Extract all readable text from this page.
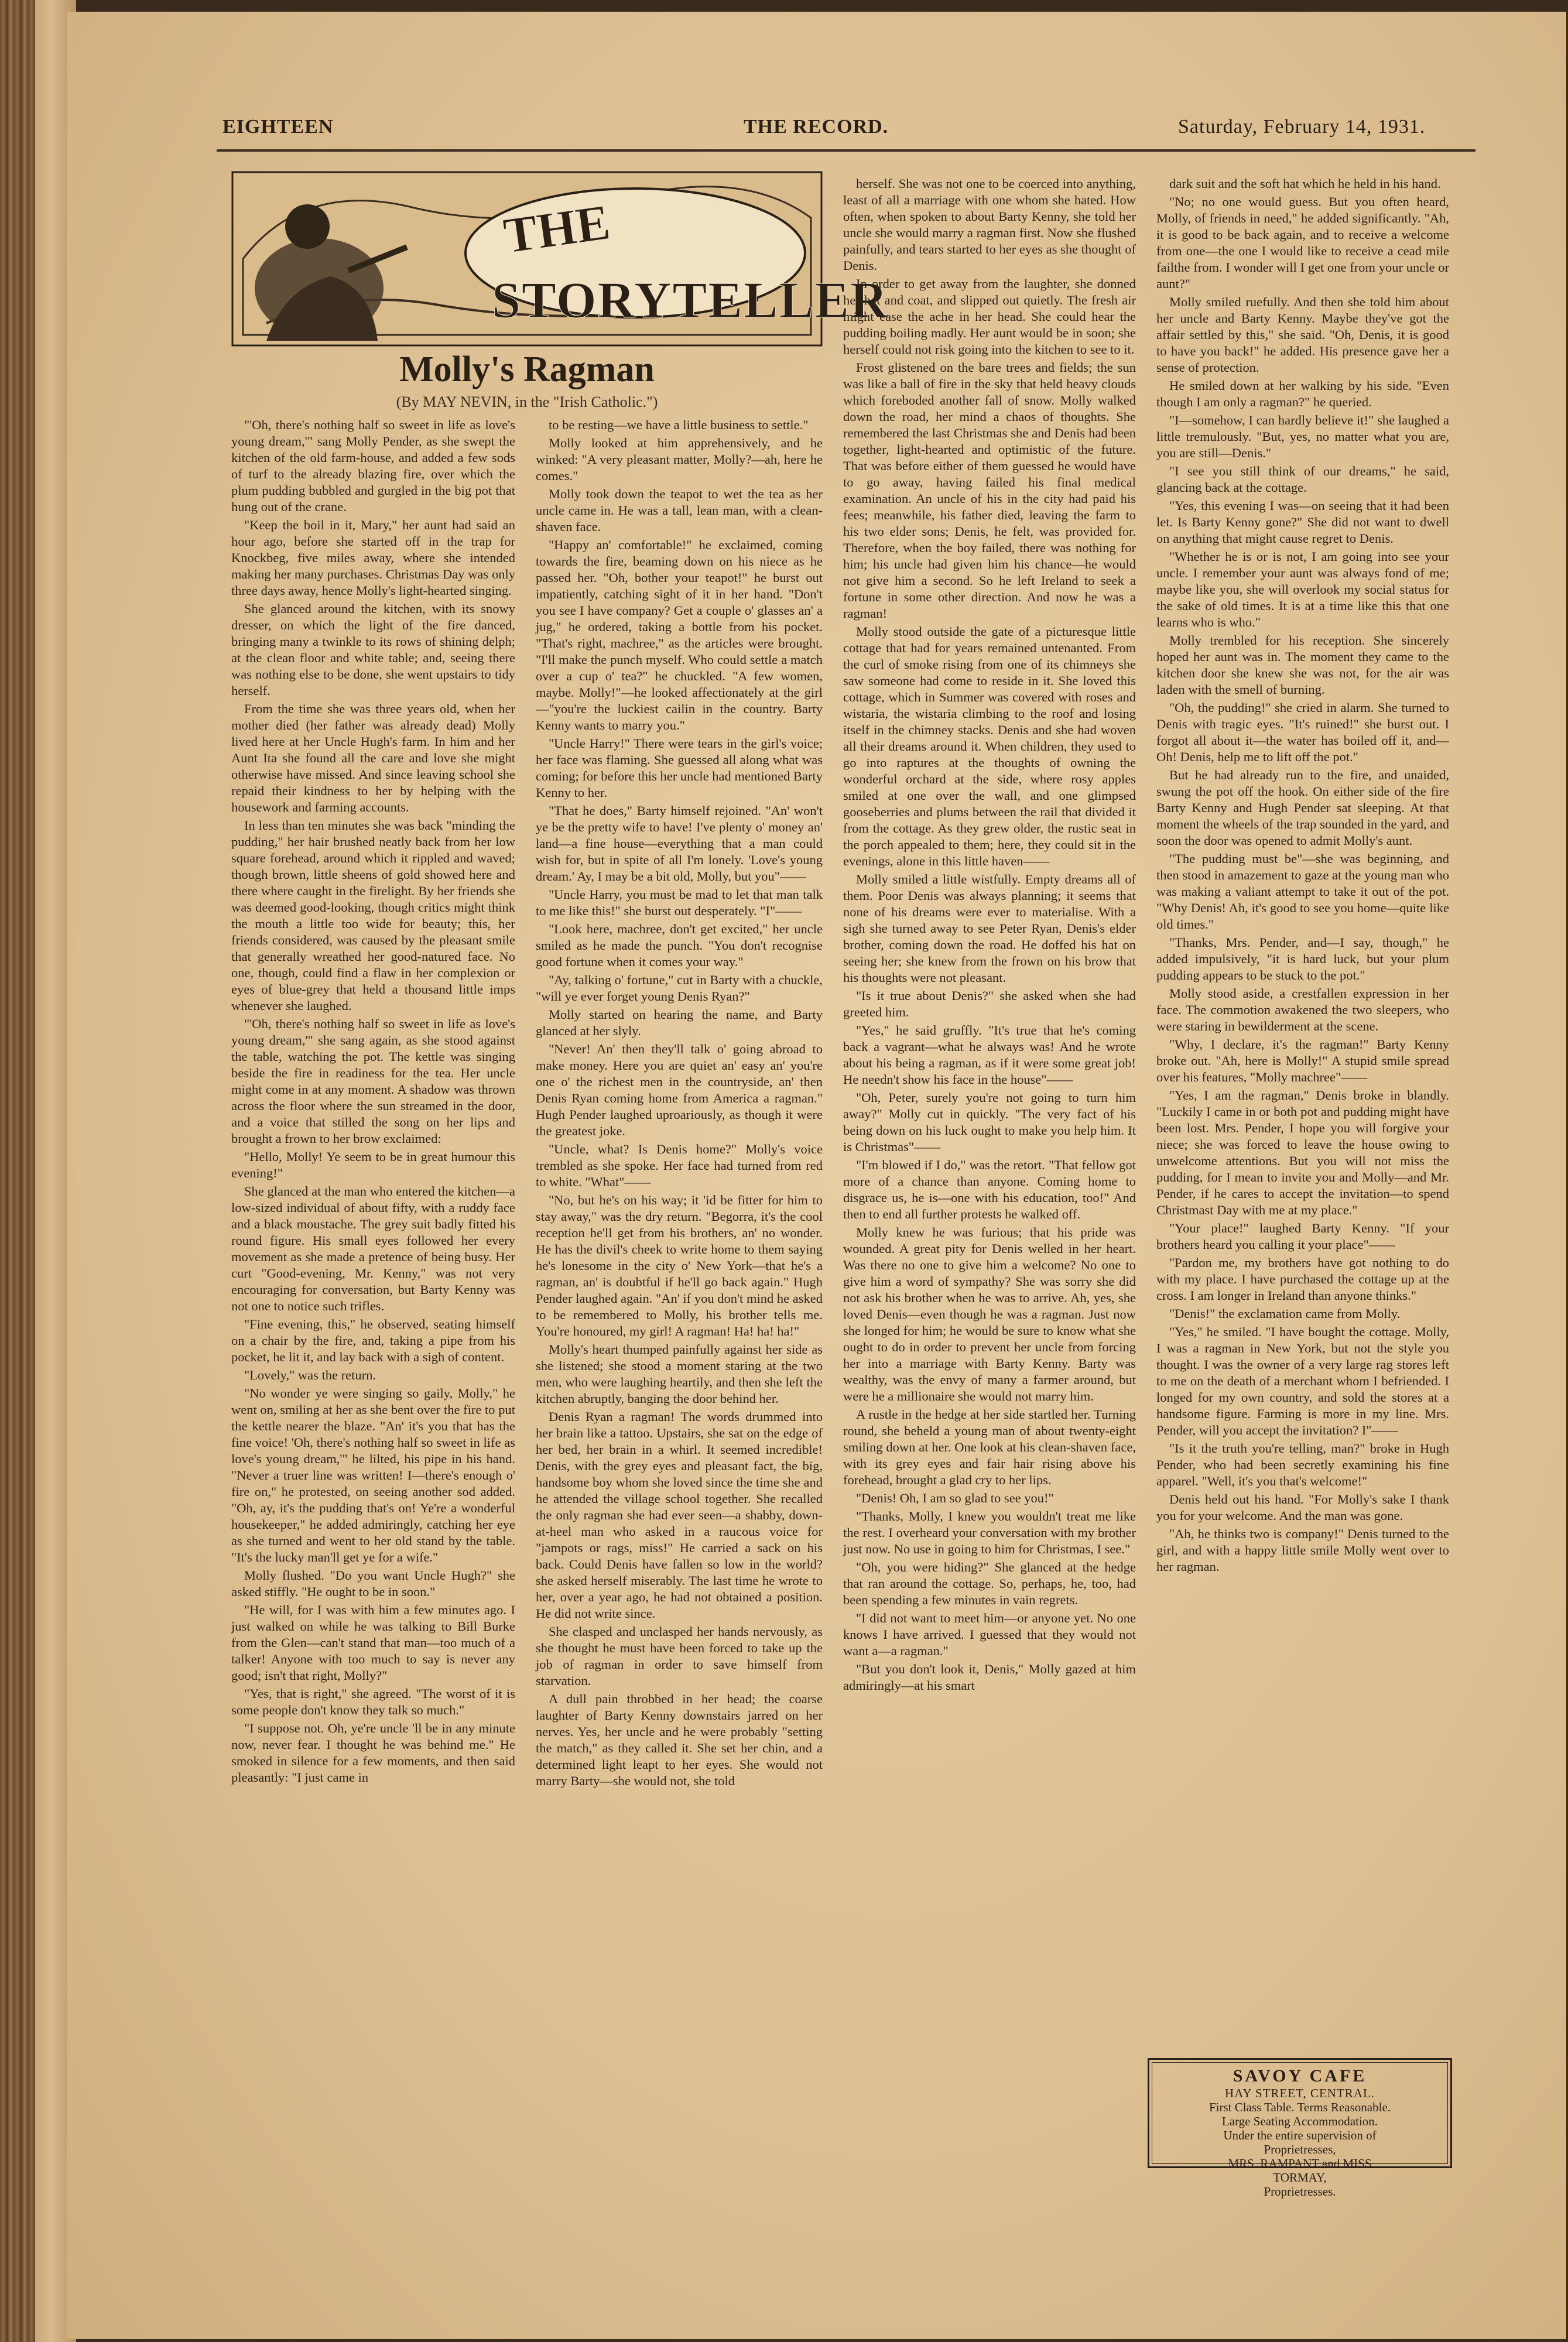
EIGHTEEN	THE RECORD.	Saturday, February 14, 1931.
THE
STORYTELLER
Molly's Ragman

(By MAY NEVIN, in the "Irish Catholic.")

"'Oh, there's nothing half so sweet in life as love's young dream,'" sang Molly Pender, as she swept the kitchen of the old farm-house, and added a few sods of turf to the already blazing fire, over which the plum pudding bubbled and gurgled in the big pot that hung out of the crane.

"Keep the boil in it, Mary," her aunt had said an hour ago, before she started off in the trap for Knockbeg, five miles away, where she intended making her many purchases. Christmas Day was only three days away, hence Molly's light-hearted singing.

She glanced around the kitchen, with its snowy dresser, on which the light of the fire danced, bringing many a twinkle to its rows of shining delph; at the clean floor and white table; and, seeing there was nothing else to be done, she went upstairs to tidy herself.

From the time she was three years old, when her mother died (her father was already dead) Molly lived here at her Uncle Hugh's farm. In him and her Aunt Ita she found all the care and love she might otherwise have missed. And since leaving school she repaid their kindness to her by helping with the housework and farming accounts.

In less than ten minutes she was back "minding the pudding," her hair brushed neatly back from her low square forehead, around which it rippled and waved; though brown, little sheens of gold showed here and there where caught in the firelight. By her friends she was deemed good-looking, though critics might think the mouth a little too wide for beauty; this, her friends considered, was caused by the pleasant smile that generally wreathed her good-natured face. No one, though, could find a flaw in her complexion or eyes of blue-grey that held a thousand little imps whenever she laughed.

"'Oh, there's nothing half so sweet in life as love's young dream,'" she sang again, as she stood against the table, watching the pot. The kettle was singing beside the fire in readiness for the tea. Her uncle might come in at any moment. A shadow was thrown across the floor where the sun streamed in the door, and a voice that stilled the song on her lips and brought a frown to her brow exclaimed:

"Hello, Molly! Ye seem to be in great humour this evening!"

She glanced at the man who entered the kitchen—a low-sized individual of about fifty, with a ruddy face and a black moustache. The grey suit badly fitted his round figure. His small eyes followed her every movement as she made a pretence of being busy. Her curt "Good-evening, Mr. Kenny," was not very encouraging for conversation, but Barty Kenny was not one to notice such trifles.

"Fine evening, this," he observed, seating himself on a chair by the fire, and, taking a pipe from his pocket, he lit it, and lay back with a sigh of content.

"Lovely," was the return.

"No wonder ye were singing so gaily, Molly," he went on, smiling at her as she bent over the fire to put the kettle nearer the blaze. "An' it's you that has the fine voice! 'Oh, there's nothing half so sweet in life as love's young dream,'" he lilted, his pipe in his hand. "Never a truer line was written! I—there's enough o' fire on," he protested, on seeing another sod added. "Oh, ay, it's the pudding that's on! Ye're a wonderful housekeeper," he added admiringly, catching her eye as she turned and went to her old stand by the table. "It's the lucky man'll get ye for a wife."

Molly flushed. "Do you want Uncle Hugh?" she asked stiffly. "He ought to be in soon."

"He will, for I was with him a few minutes ago. I just walked on while he was talking to Bill Burke from the Glen—can't stand that man—too much of a talker! Anyone with too much to say is never any good; isn't that right, Molly?"

"Yes, that is right," she agreed. "The worst of it is some people don't know they talk so much."

"I suppose not. Oh, ye're uncle 'll be in any minute now, never fear. I thought he was behind me." He smoked in silence for a few moments, and then said pleasantly: "I just came in

to be resting—we have a little business to settle."

Molly looked at him apprehensively, and he winked: "A very pleasant matter, Molly?—ah, here he comes."

Molly took down the teapot to wet the tea as her uncle came in. He was a tall, lean man, with a clean-shaven face.

"Happy an' comfortable!" he exclaimed, coming towards the fire, beaming down on his niece as he passed her. "Oh, bother your teapot!" he burst out impatiently, catching sight of it in her hand. "Don't you see I have company? Get a couple o' glasses an' a jug," he ordered, taking a bottle from his pocket. "That's right, machree," as the articles were brought. "I'll make the punch myself. Who could settle a match over a cup o' tea?" he chuckled. "A few women, maybe. Molly!"—he looked affectionately at the girl—"you're the luckiest cailin in the country. Barty Kenny wants to marry you."

"Uncle Harry!" There were tears in the girl's voice; her face was flaming. She guessed all along what was coming; for before this her uncle had mentioned Barty Kenny to her.

"That he does," Barty himself rejoined. "An' won't ye be the pretty wife to have! I've plenty o' money an' land—a fine house—everything that a man could wish for, but in spite of all I'm lonely. 'Love's young dream.' Ay, I may be a bit old, Molly, but you"——

"Uncle Harry, you must be mad to let that man talk to me like this!" she burst out desperately. "I"——

"Look here, machree, don't get excited," her uncle smiled as he made the punch. "You don't recognise good fortune when it comes your way."

"Ay, talking o' fortune," cut in Barty with a chuckle, "will ye ever forget young Denis Ryan?"

Molly started on hearing the name, and Barty glanced at her slyly.

"Never! An' then they'll talk o' going abroad to make money. Here you are quiet an' easy an' you're one o' the richest men in the countryside, an' then Denis Ryan coming home from America a ragman." Hugh Pender laughed uproariously, as though it were the greatest joke.

"Uncle, what? Is Denis home?" Molly's voice trembled as she spoke. Her face had turned from red to white. "What"——

"No, but he's on his way; it 'id be fitter for him to stay away," was the dry return. "Begorra, it's the cool reception he'll get from his brothers, an' no wonder. He has the divil's cheek to write home to them saying he's lonesome in the city o' New York—that he's a ragman, an' is doubtful if he'll go back again." Hugh Pender laughed again. "An' if you don't mind he asked to be remembered to Molly, his brother tells me. You're honoured, my girl! A ragman! Ha! ha! ha!"

Molly's heart thumped painfully against her side as she listened; she stood a moment staring at the two men, who were laughing heartily, and then she left the kitchen abruptly, banging the door behind her.

Denis Ryan a ragman! The words drummed into her brain like a tattoo. Upstairs, she sat on the edge of her bed, her brain in a whirl. It seemed incredible! Denis, with the grey eyes and pleasant fact, the big, handsome boy whom she loved since the time she and he attended the village school together. She recalled the only ragman she had ever seen—a shabby, down-at-heel man who asked in a raucous voice for "jampots or rags, miss!" He carried a sack on his back. Could Denis have fallen so low in the world? she asked herself miserably. The last time he wrote to her, over a year ago, he had not obtained a position. He did not write since.

She clasped and unclasped her hands nervously, as she thought he must have been forced to take up the job of ragman in order to save himself from starvation.

A dull pain throbbed in her head; the coarse laughter of Barty Kenny downstairs jarred on her nerves. Yes, her uncle and he were probably "setting the match," as they called it. She set her chin, and a determined light leapt to her eyes. She would not marry Barty—she would not, she told

herself. She was not one to be coerced into anything, least of all a marriage with one whom she hated. How often, when spoken to about Barty Kenny, she told her uncle she would marry a ragman first. Now she flushed painfully, and tears started to her eyes as she thought of Denis.

In order to get away from the laughter, she donned her hat and coat, and slipped out quietly. The fresh air might ease the ache in her head. She could hear the pudding boiling madly. Her aunt would be in soon; she herself could not risk going into the kitchen to see to it.

Frost glistened on the bare trees and fields; the sun was like a ball of fire in the sky that held heavy clouds which foreboded another fall of snow. Molly walked down the road, her mind a chaos of thoughts. She remembered the last Christmas she and Denis had been together, light-hearted and optimistic of the future. That was before either of them guessed he would have to go away, having failed his final medical examination. An uncle of his in the city had paid his fees; meanwhile, his father died, leaving the farm to his two elder sons; Denis, he felt, was provided for. Therefore, when the boy failed, there was nothing for him; his uncle had given him his chance—he would not give him a second. So he left Ireland to seek a fortune in some other direction. And now he was a ragman!

Molly stood outside the gate of a picturesque little cottage that had for years remained untenanted. From the curl of smoke rising from one of its chimneys she saw someone had come to reside in it. She loved this cottage, which in Summer was covered with roses and wistaria, the wistaria climbing to the roof and losing itself in the chimney stacks. Denis and she had woven all their dreams around it. When children, they used to go into raptures at the thoughts of owning the wonderful orchard at the side, where rosy apples smiled at one over the wall, and one glimpsed gooseberries and plums between the rail that divided it from the cottage. As they grew older, the rustic seat in the porch appealed to them; here, they could sit in the evenings, alone in this little haven——

Molly smiled a little wistfully. Empty dreams all of them. Poor Denis was always planning; it seems that none of his dreams were ever to materialise. With a sigh she turned away to see Peter Ryan, Denis's elder brother, coming down the road. He doffed his hat on seeing her; she knew from the frown on his brow that his thoughts were not pleasant.

"Is it true about Denis?" she asked when she had greeted him.

"Yes," he said gruffly. "It's true that he's coming back a vagrant—what he always was! And he wrote about his being a ragman, as if it were some great job! He needn't show his face in the house"——

"Oh, Peter, surely you're not going to turn him away?" Molly cut in quickly. "The very fact of his being down on his luck ought to make you help him. It is Christmas"——

"I'm blowed if I do," was the retort. "That fellow got more of a chance than anyone. Coming home to disgrace us, he is—one with his education, too!" And then to end all further protests he walked off.

Molly knew he was furious; that his pride was wounded. A great pity for Denis welled in her heart. Was there no one to give him a welcome? No one to give him a word of sympathy? She was sorry she did not ask his brother when he was to arrive. Ah, yes, she loved Denis—even though he was a ragman. Just now she longed for him; he would be sure to know what she ought to do in order to prevent her uncle from forcing her into a marriage with Barty Kenny. Barty was wealthy, was the envy of many a farmer around, but were he a millionaire she would not marry him.

A rustle in the hedge at her side startled her. Turning round, she beheld a young man of about twenty-eight smiling down at her. One look at his clean-shaven face, with its grey eyes and fair hair rising above his forehead, brought a glad cry to her lips.

"Denis! Oh, I am so glad to see you!"

"Thanks, Molly, I knew you wouldn't treat me like the rest. I overheard your conversation with my brother just now. No use in going to him for Christmas, I see."

"Oh, you were hiding?" She glanced at the hedge that ran around the cottage. So, perhaps, he, too, had been spending a few minutes in vain regrets.

"I did not want to meet him—or anyone yet. No one knows I have arrived. I guessed that they would not want a—a ragman."

"But you don't look it, Denis," Molly gazed at him admiringly—at his smart

dark suit and the soft hat which he held in his hand.

"No; no one would guess. But you often heard, Molly, of friends in need," he added significantly. "Ah, it is good to be back again, and to receive a welcome from one—the one I would like to receive a cead mile failthe from. I wonder will I get one from your uncle or aunt?"

Molly smiled ruefully. And then she told him about her uncle and Barty Kenny. Maybe they've got the affair settled by this," she said. "Oh, Denis, it is good to have you back!" he added. His presence gave her a sense of protection.

He smiled down at her walking by his side. "Even though I am only a ragman?" he queried.

"I—somehow, I can hardly believe it!" she laughed a little tremulously. "But, yes, no matter what you are, you are still—Denis."

"I see you still think of our dreams," he said, glancing back at the cottage.

"Yes, this evening I was—on seeing that it had been let. Is Barty Kenny gone?" She did not want to dwell on anything that might cause regret to Denis.

"Whether he is or is not, I am going into see your uncle. I remember your aunt was always fond of me; maybe like you, she will overlook my social status for the sake of old times. It is at a time like this that one learns who is who."

Molly trembled for his reception. She sincerely hoped her aunt was in. The moment they came to the kitchen door she knew she was not, for the air was laden with the smell of burning.

"Oh, the pudding!" she cried in alarm. She turned to Denis with tragic eyes. "It's ruined!" she burst out. I forgot all about it—the water has boiled off it, and—Oh! Denis, help me to lift off the pot."

But he had already run to the fire, and unaided, swung the pot off the hook. On either side of the fire Barty Kenny and Hugh Pender sat sleeping. At that moment the wheels of the trap sounded in the yard, and soon the door was opened to admit Molly's aunt.

"The pudding must be"—she was beginning, and then stood in amazement to gaze at the young man who was making a valiant attempt to take it out of the pot. "Why Denis! Ah, it's good to see you home—quite like old times."

"Thanks, Mrs. Pender, and—I say, though," he added impulsively, "it is hard luck, but your plum pudding appears to be stuck to the pot."

Molly stood aside, a crestfallen expression in her face. The commotion awakened the two sleepers, who were staring in bewilderment at the scene.

"Why, I declare, it's the ragman!" Barty Kenny broke out. "Ah, here is Molly!" A stupid smile spread over his features, "Molly machree"——

"Yes, I am the ragman," Denis broke in blandly. "Luckily I came in or both pot and pudding might have been lost. Mrs. Pender, I hope you will forgive your niece; she was forced to leave the house owing to unwelcome attentions. But you will not miss the pudding, for I mean to invite you and Molly—and Mr. Pender, if he cares to accept the invitation—to spend Christmast Day with me at my place."

"Your place!" laughed Barty Kenny. "If your brothers heard you calling it your place"——

"Pardon me, my brothers have got nothing to do with my place. I have purchased the cottage up at the cross. I am longer in Ireland than anyone thinks."

"Denis!" the exclamation came from Molly.

"Yes," he smiled. "I have bought the cottage. Molly, I was a ragman in New York, but not the style you thought. I was the owner of a very large rag stores left to me on the death of a merchant whom I befriended. I longed for my own country, and sold the stores at a handsome figure. Farming is more in my line. Mrs. Pender, will you accept the invitation? I"——

"Is it the truth you're telling, man?" broke in Hugh Pender, who had been secretly examining his fine apparel. "Well, it's you that's welcome!"

Denis held out his hand. "For Molly's sake I thank you for your welcome. And the man was gone.

"Ah, he thinks two is company!" Denis turned to the girl, and with a happy little smile Molly went over to her ragman.

SAVOY CAFE
HAY STREET, CENTRAL.
First Class Table. Terms Reasonable.
Large Seating Accommodation.
Under the entire supervision of
Proprietresses,
MRS. RAMPANT and MISS
TORMAY,
Proprietresses.
